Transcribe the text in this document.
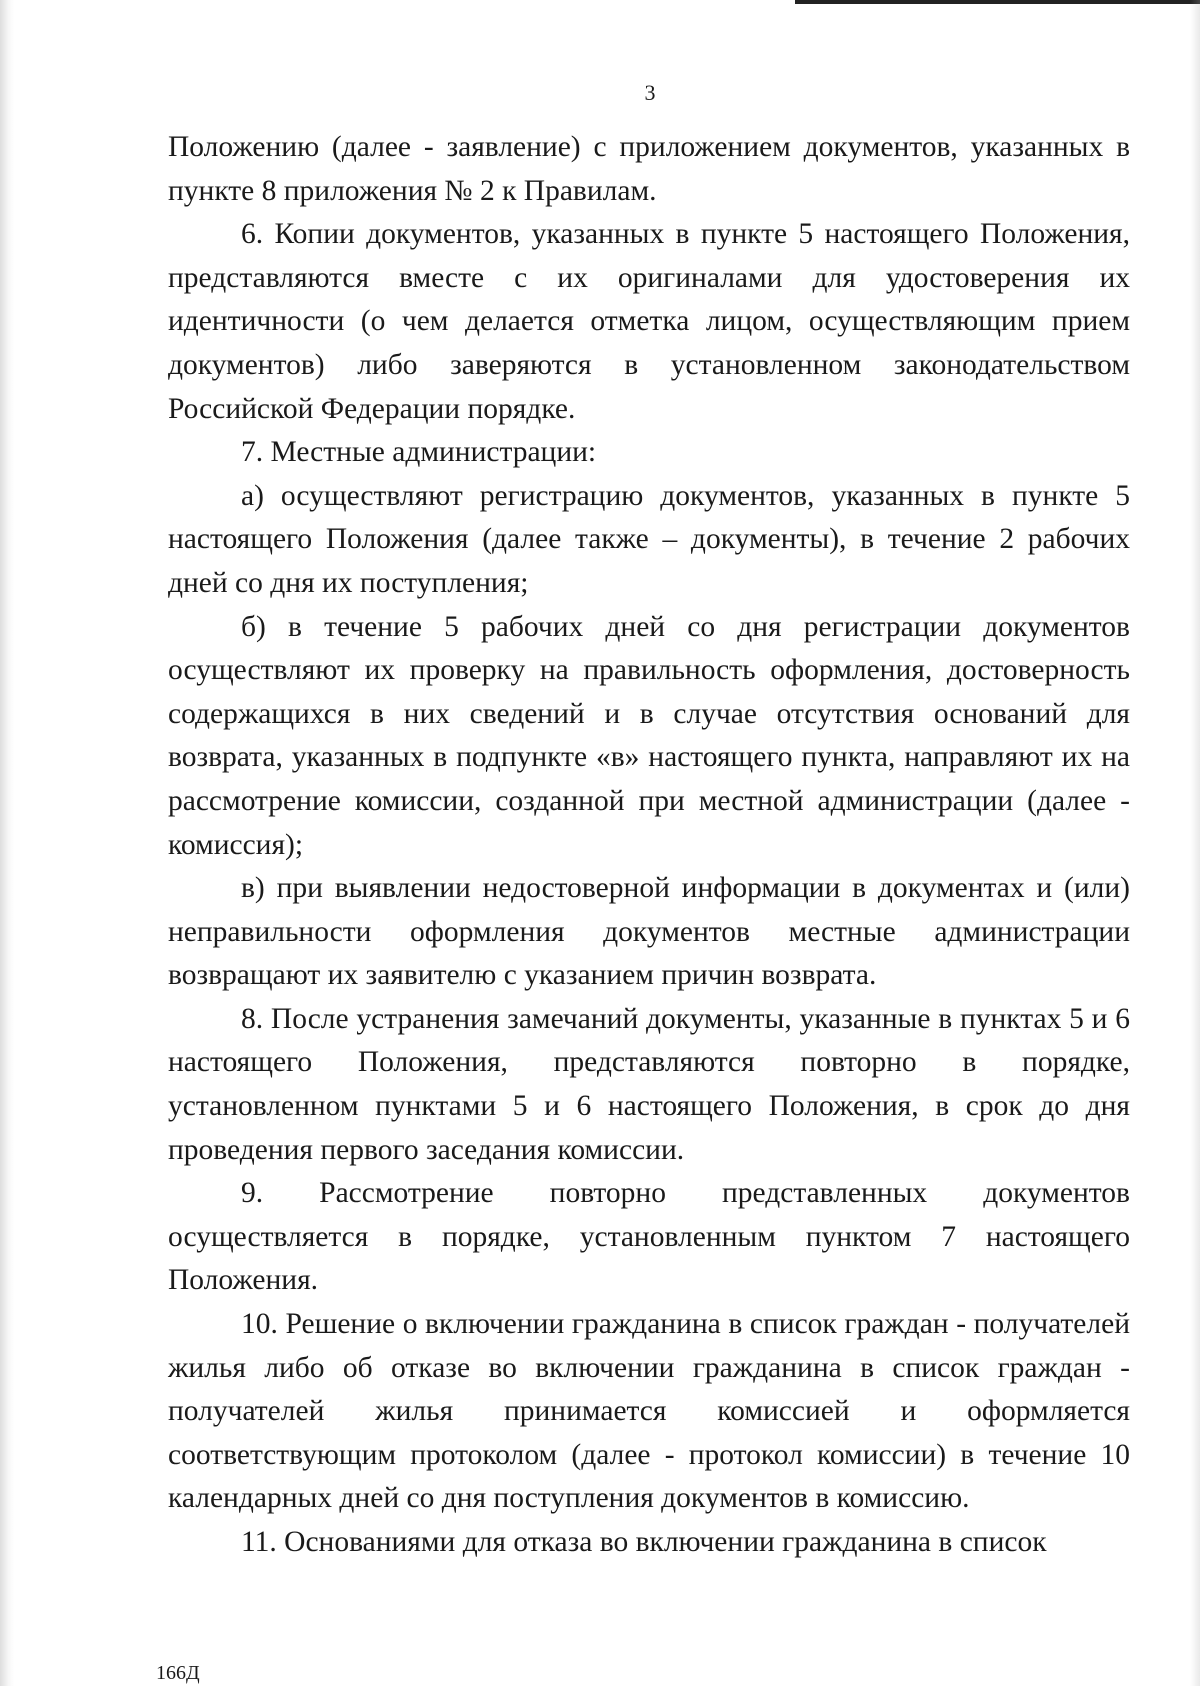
3

Положению (далее - заявление) с приложением документов, указанных в пункте 8 приложения № 2 к Правилам.

6. Копии документов, указанных в пункте 5 настоящего Положения, представляются вместе с их оригиналами для удостоверения их идентичности (о чем делается отметка лицом, осуществляющим прием документов) либо заверяются в установленном законодательством Российской Федерации порядке.

7. Местные администрации:

а) осуществляют регистрацию документов, указанных в пункте 5 настоящего Положения (далее также – документы), в течение 2 рабочих дней со дня их поступления;

б) в течение 5 рабочих дней со дня регистрации документов осуществляют их проверку на правильность оформления, достоверность содержащихся в них сведений и в случае отсутствия оснований для возврата, указанных в подпункте «в» настоящего пункта, направляют их на рассмотрение комиссии, созданной при местной администрации (далее - комиссия);

в) при выявлении недостоверной информации в документах и (или) неправильности оформления документов местные администрации возвращают их заявителю с указанием причин возврата.

8. После устранения замечаний документы, указанные в пунктах 5 и 6 настоящего Положения, представляются повторно в порядке, установленном пунктами 5 и 6 настоящего Положения, в срок до дня проведения первого заседания комиссии.

9. Рассмотрение повторно представленных документов осуществляется в порядке, установленным пунктом 7 настоящего Положения.

10. Решение о включении гражданина в список граждан - получателей жилья либо об отказе во включении гражданина в список граждан - получателей жилья принимается комиссией и оформляется соответствующим протоколом (далее - протокол комиссии) в течение 10 календарных дней со дня поступления документов в комиссию.

11. Основаниями для отказа во включении гражданина в список

166Д
